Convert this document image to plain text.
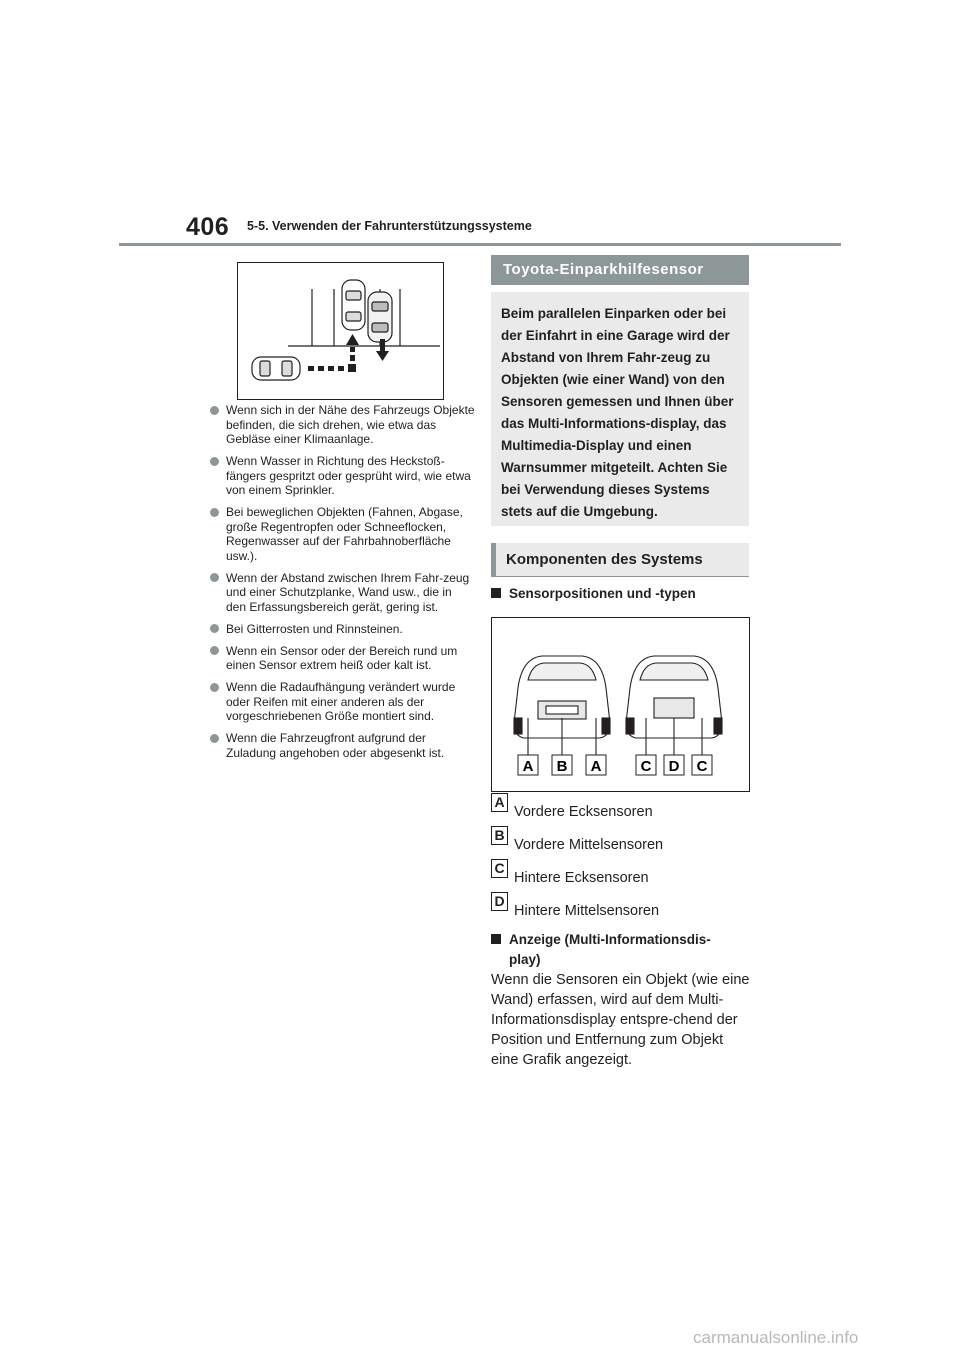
406 5-5. Verwenden der Fahrunterstützungssysteme
Wenn sich in der Nähe des Fahrzeugs Objekte befinden, die sich drehen, wie etwa das Gebläse einer Klimaanlage.
Wenn Wasser in Richtung des Heckstoß-fängers gespritzt oder gesprüht wird, wie etwa von einem Sprinkler.
Bei beweglichen Objekten (Fahnen, Abgase, große Regentropfen oder Schneeflocken, Regenwasser auf der Fahrbahnoberfläche usw.).
Wenn der Abstand zwischen Ihrem Fahr-zeug und einer Schutzplanke, Wand usw., die in den Erfassungsbereich gerät, gering ist.
Bei Gitterrosten und Rinnsteinen.
Wenn ein Sensor oder der Bereich rund um einen Sensor extrem heiß oder kalt ist.
Wenn die Radaufhängung verändert wurde oder Reifen mit einer anderen als der vorgeschriebenen Größe montiert sind.
Wenn die Fahrzeugfront aufgrund der Zuladung angehoben oder abgesenkt ist.
Toyota-Einparkhilfesensor
Beim parallelen Einparken oder bei der Einfahrt in eine Garage wird der Abstand von Ihrem Fahr-zeug zu Objekten (wie einer Wand) von den Sensoren gemessen und Ihnen über das Multi-Informations-display, das Multimedia-Display und einen Warnsummer mitgeteilt. Achten Sie bei Verwendung dieses Systems stets auf die Umgebung.
Komponenten des Systems
Sensorpositionen und -typen
A B A	C D C
AVordere Ecksensoren
BVordere Mittelsensoren
CHintere Ecksensoren
DHintere Mittelsensoren
Anzeige (Multi-Informationsdis-play)
Wenn die Sensoren ein Objekt (wie eine Wand) erfassen, wird auf dem Multi-Informationsdisplay entspre-chend der Position und Entfernung zum Objekt eine Grafik angezeigt.
carmanualsonline.info
